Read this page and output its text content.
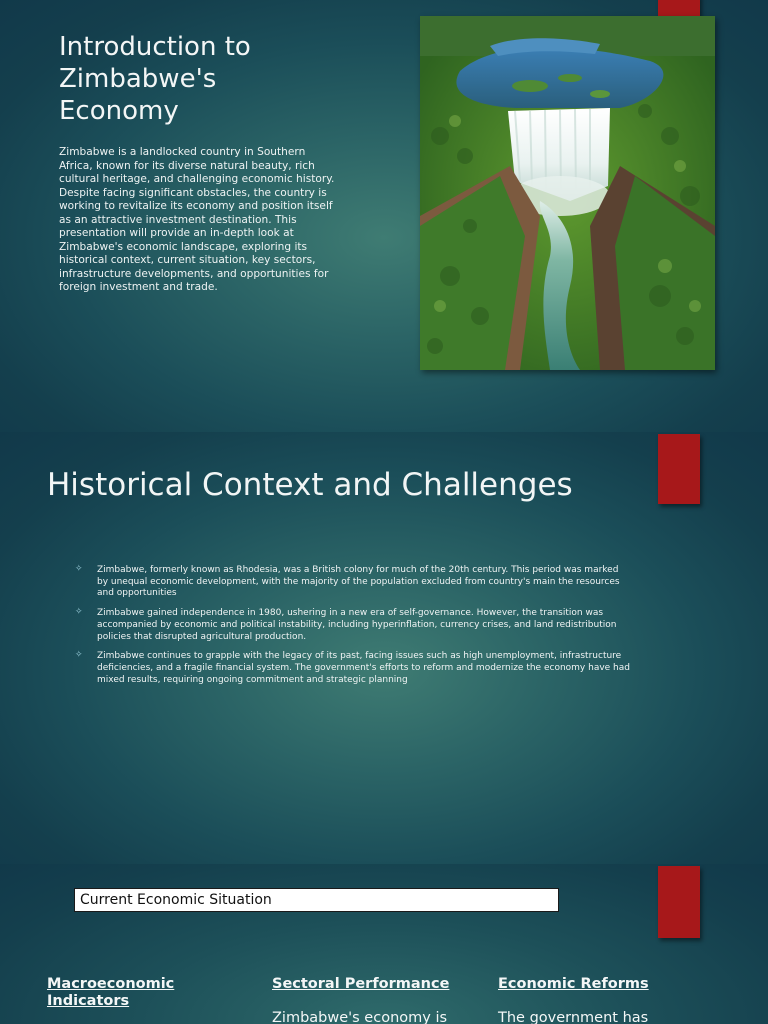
Introduction to
Zimbabwe's
Economy

Zimbabwe is a landlocked country in Southern Africa, known for its diverse natural beauty, rich cultural heritage, and challenging economic history. Despite facing significant obstacles, the country is working to revitalize its economy and position itself as an attractive investment destination. This presentation will provide an in-depth look at Zimbabwe's economic landscape, exploring its historical context, current situation, key sectors, infrastructure developments, and opportunities for foreign investment and trade.

Historical Context and Challenges
✧ Zimbabwe, formerly known as Rhodesia, was a British colony for much of the 20th century. This period was marked by unequal economic development, with the majority of the population excluded from country's main the resources and opportunities
✧ Zimbabwe gained independence in 1980, ushering in a new era of self-governance. However, the transition was accompanied by economic and political instability, including hyperinflation, currency crises, and land redistribution policies that disrupted agricultural production.
✧ Zimbabwe continues to grapple with the legacy of its past, facing issues such as high unemployment, infrastructure deficiencies, and a fragile financial system. The government's efforts to reform and modernize the economy have had mixed results, requiring ongoing commitment and strategic planning
Current Economic Situation

Macroeconomic Indicators

Sectoral Performance

Zimbabwe's economy is

Economic Reforms

The government has
